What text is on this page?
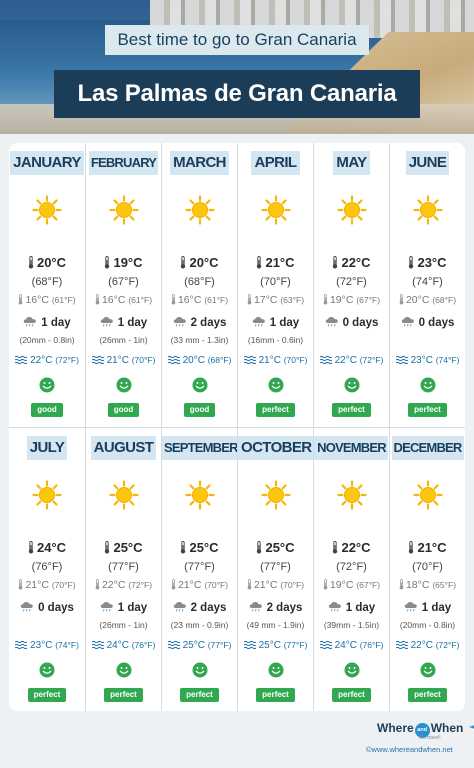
Best time to go to Gran Canaria
Las Palmas de Gran Canaria
JANUARY
20°C
(68°F)
16°C (61°F)
1 day
(20mm - 0.8in)
22°C (72°F)
good
FEBRUARY
19°C
(67°F)
16°C (61°F)
1 day
(26mm - 1in)
21°C (70°F)
good
MARCH
20°C
(68°F)
16°C (61°F)
2 days
(33 mm - 1.3in)
20°C (68°F)
good
APRIL
21°C
(70°F)
17°C (63°F)
1 day
(16mm - 0.6in)
21°C (70°F)
perfect
MAY
22°C
(72°F)
19°C (67°F)
0 days
22°C (72°F)
perfect
JUNE
23°C
(74°F)
20°C (68°F)
0 days
23°C (74°F)
perfect
JULY
24°C
(76°F)
21°C (70°F)
0 days
23°C (74°F)
perfect
AUGUST
25°C
(77°F)
22°C (72°F)
1 day
(26mm - 1in)
24°C (76°F)
perfect
SEPTEMBER
25°C
(77°F)
21°C (70°F)
2 days
(23 mm - 0.9in)
25°C (77°F)
perfect
OCTOBER
25°C
(77°F)
21°C (70°F)
2 days
(49 mm - 1.9in)
25°C (77°F)
perfect
NOVEMBER
22°C
(72°F)
19°C (67°F)
1 day
(39mm - 1.5in)
24°C (76°F)
perfect
DECEMBER
21°C
(70°F)
18°C (65°F)
1 day
(20mm - 0.8in)
22°C (72°F)
perfect
Where and When
Go travel!
©www.whereandwhen.net
